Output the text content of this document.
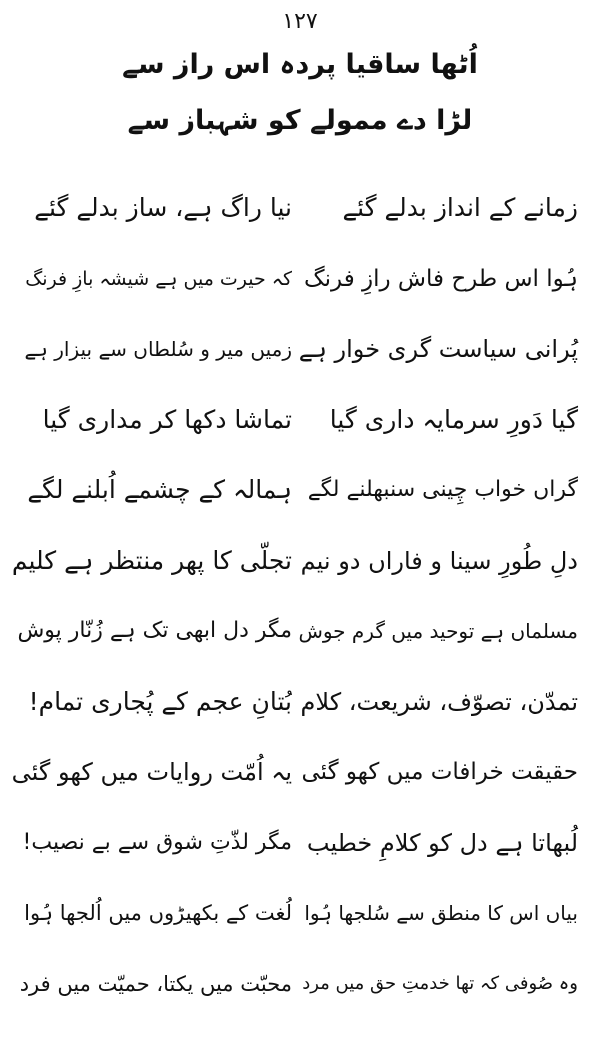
۱۲۷
اُٹھا ساقیا پردہ اس راز سے
لڑا دے ممولے کو شہباز سے
زمانے کے انداز بدلے گئے
نیا راگ ہے، ساز بدلے گئے
ہُوا اس طرح فاش رازِ فرنگ
کہ حیرت میں ہے شیشہ بازِ فرنگ
پُرانی سیاست گری خوار ہے
زمیں میر و سُلطاں سے بیزار ہے
گیا دَورِ سرمایہ داری گیا
تماشا دکھا کر مداری گیا
گراں خواب چِینی سنبھلنے لگے
ہمالہ کے چشمے اُبلنے لگے
دلِ طُورِ سینا و فاراں دو نیم
تجلّی کا پھر منتظر ہے کلیم
مسلماں ہے توحید میں گرم جوش
مگر دل ابھی تک ہے زُنّار پوش
تمدّن، تصوّف، شریعت، کلام
بُتانِ عجم کے پُجاری تمام!
حقیقت خرافات میں کھو گئی
یہ اُمّت روایات میں کھو گئی
لُبھاتا ہے دل کو کلامِ خطیب
مگر لذّتِ شوق سے بے نصیب!
بیاں اس کا منطق سے سُلجھا ہُوا
لُغت کے بکھیڑوں میں اُلجھا ہُوا
وہ صُوفی کہ تھا خدمتِ حق میں مرد
محبّت میں یکتا، حمیّت میں فرد
